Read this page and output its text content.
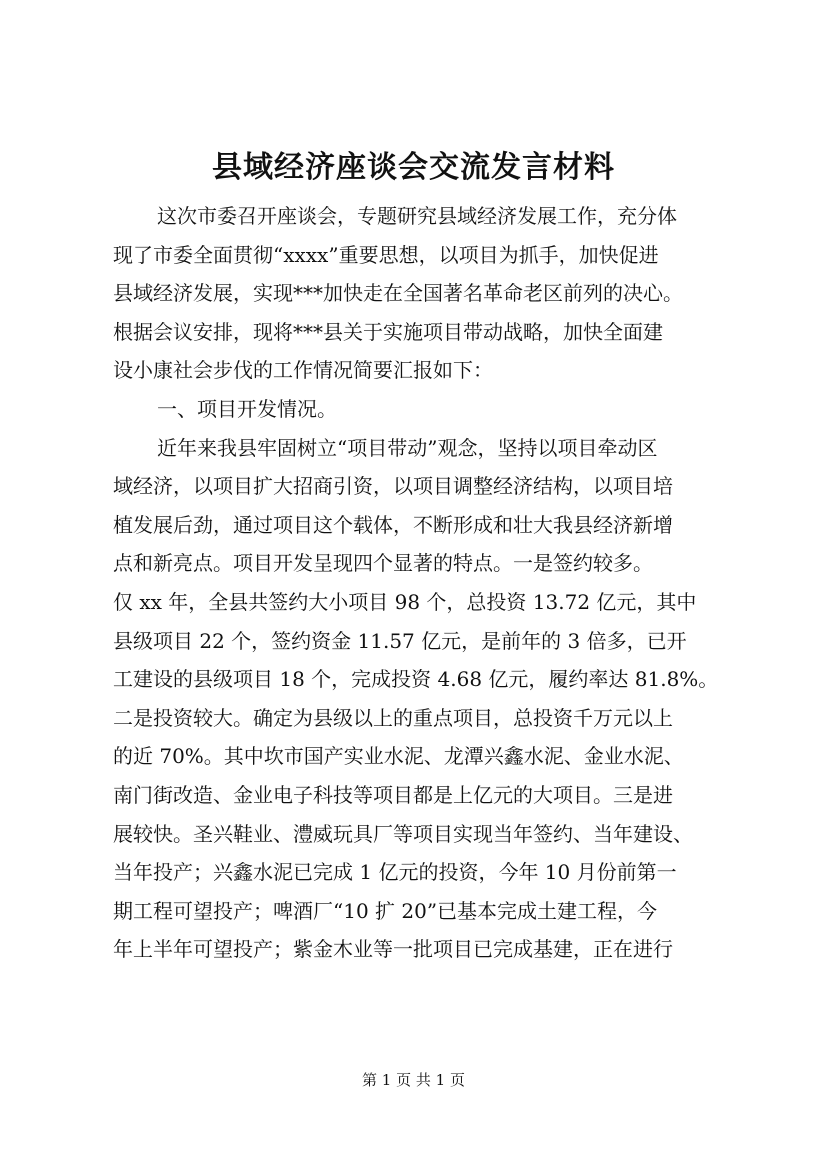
县域经济座谈会交流发言材料
这次市委召开座谈会，专题研究县域经济发展工作，充分体
现了市委全面贯彻“xxxx”重要思想，以项目为抓手，加快促进
县域经济发展，实现***加快走在全国著名革命老区前列的决心。
根据会议安排，现将***县关于实施项目带动战略，加快全面建
设小康社会步伐的工作情况简要汇报如下：
一、项目开发情况。
近年来我县牢固树立“项目带动”观念，坚持以项目牵动区
域经济，以项目扩大招商引资，以项目调整经济结构，以项目培
植发展后劲，通过项目这个载体，不断形成和壮大我县经济新增
点和新亮点。项目开发呈现四个显著的特点。一是签约较多。
仅 xx 年，全县共签约大小项目 98 个，总投资 13.72 亿元，其中
县级项目 22 个，签约资金 11.57 亿元，是前年的 3 倍多，已开
工建设的县级项目 18 个，完成投资 4.68 亿元，履约率达 81.8%。
二是投资较大。确定为县级以上的重点项目，总投资千万元以上
的近 70%。其中坎市国产实业水泥、龙潭兴鑫水泥、金业水泥、
南门街改造、金业电子科技等项目都是上亿元的大项目。三是进
展较快。圣兴鞋业、澧威玩具厂等项目实现当年签约、当年建设、
当年投产；兴鑫水泥已完成 1 亿元的投资，今年 10 月份前第一
期工程可望投产；啤酒厂“10 扩 20”已基本完成土建工程，今
年上半年可望投产；紫金木业等一批项目已完成基建，正在进行
第 1 页 共 1 页
